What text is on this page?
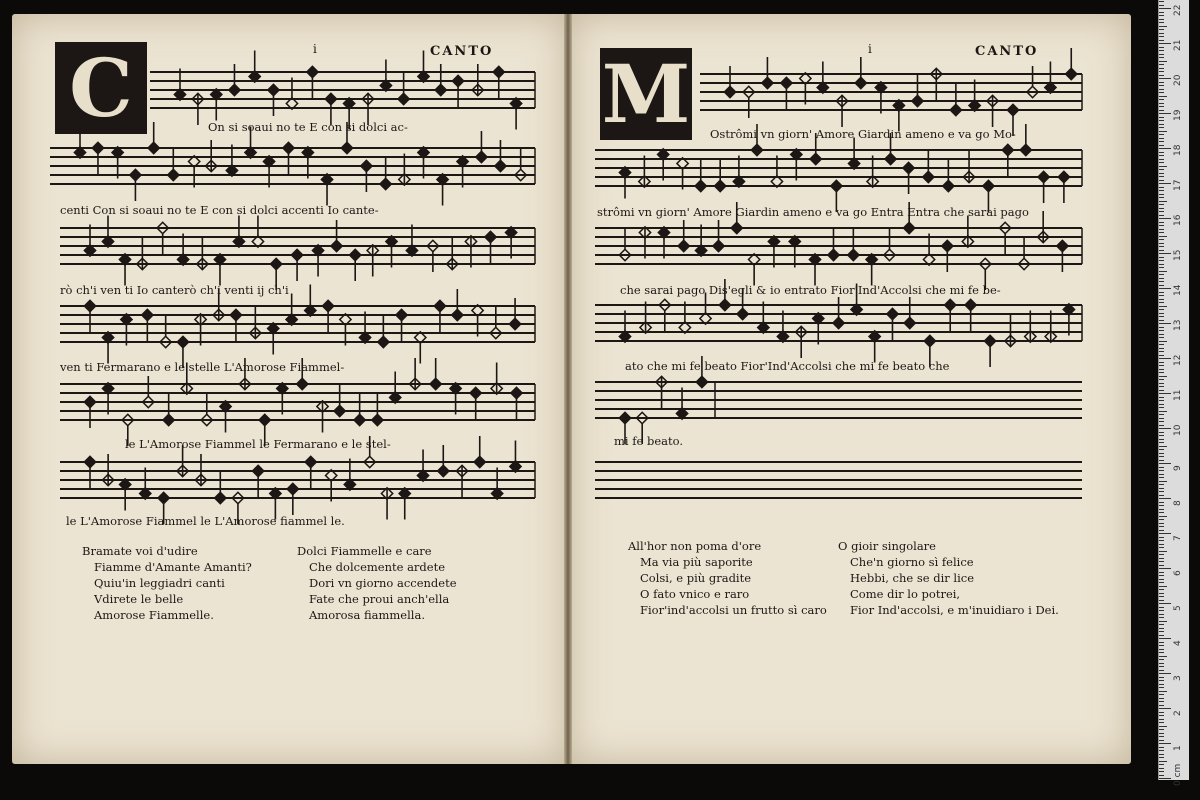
i	CANTO
C	i	CANTO
M
On si soaui no te E con si dolci ac-
centi Con si soaui no te E con si dolci accenti Io cante-
rò ch'i ven ti Io canterò ch'i venti ij ch'i
ven ti Fermarano e le stelle L'Amorose Fiammel-
le L'Amorose Fiammel le Fermarano e le stel-
le L'Amorose Fiammel le L'Amorose fiammel le.
Bramate voi d'udire
Fiamme d'Amante Amanti?
Quiu'in leggiadri canti
Vdirete le belle
Amorose Fiammelle.
Dolci Fiammelle e care
Che dolcemente ardete
Dori vn giorno accendete
Fate che proui anch'ella
Amorosa fiammella.
Ostrômi vn giorn' Amore Giardin ameno e va go Mo-
strômi vn giorn' Amore Giardin ameno e va go Entra Entra che sarai pago
che sarai pago Dis'egli & io entrato Fior'Ind'Accolsi che mi fe be-
ato che mi fe beato Fior'Ind'Accolsi che mi fe beato che
mi fe beato.
All'hor non poma d'ore
Ma via più saporite
Colsi, e più gradite
O fato vnico e raro
Fior'ind'accolsi un frutto sì caro
O gioir singolare
Che'n giorno sì felice
Hebbi, che se dir lice
Come dir lo potrei,
Fior Ind'accolsi, e m'inuidiaro i Dei.
0 cm
1
2
3
4
5
6
7
8
9
10
11
12
13
14
15
16
17
18
19
20
21
22
